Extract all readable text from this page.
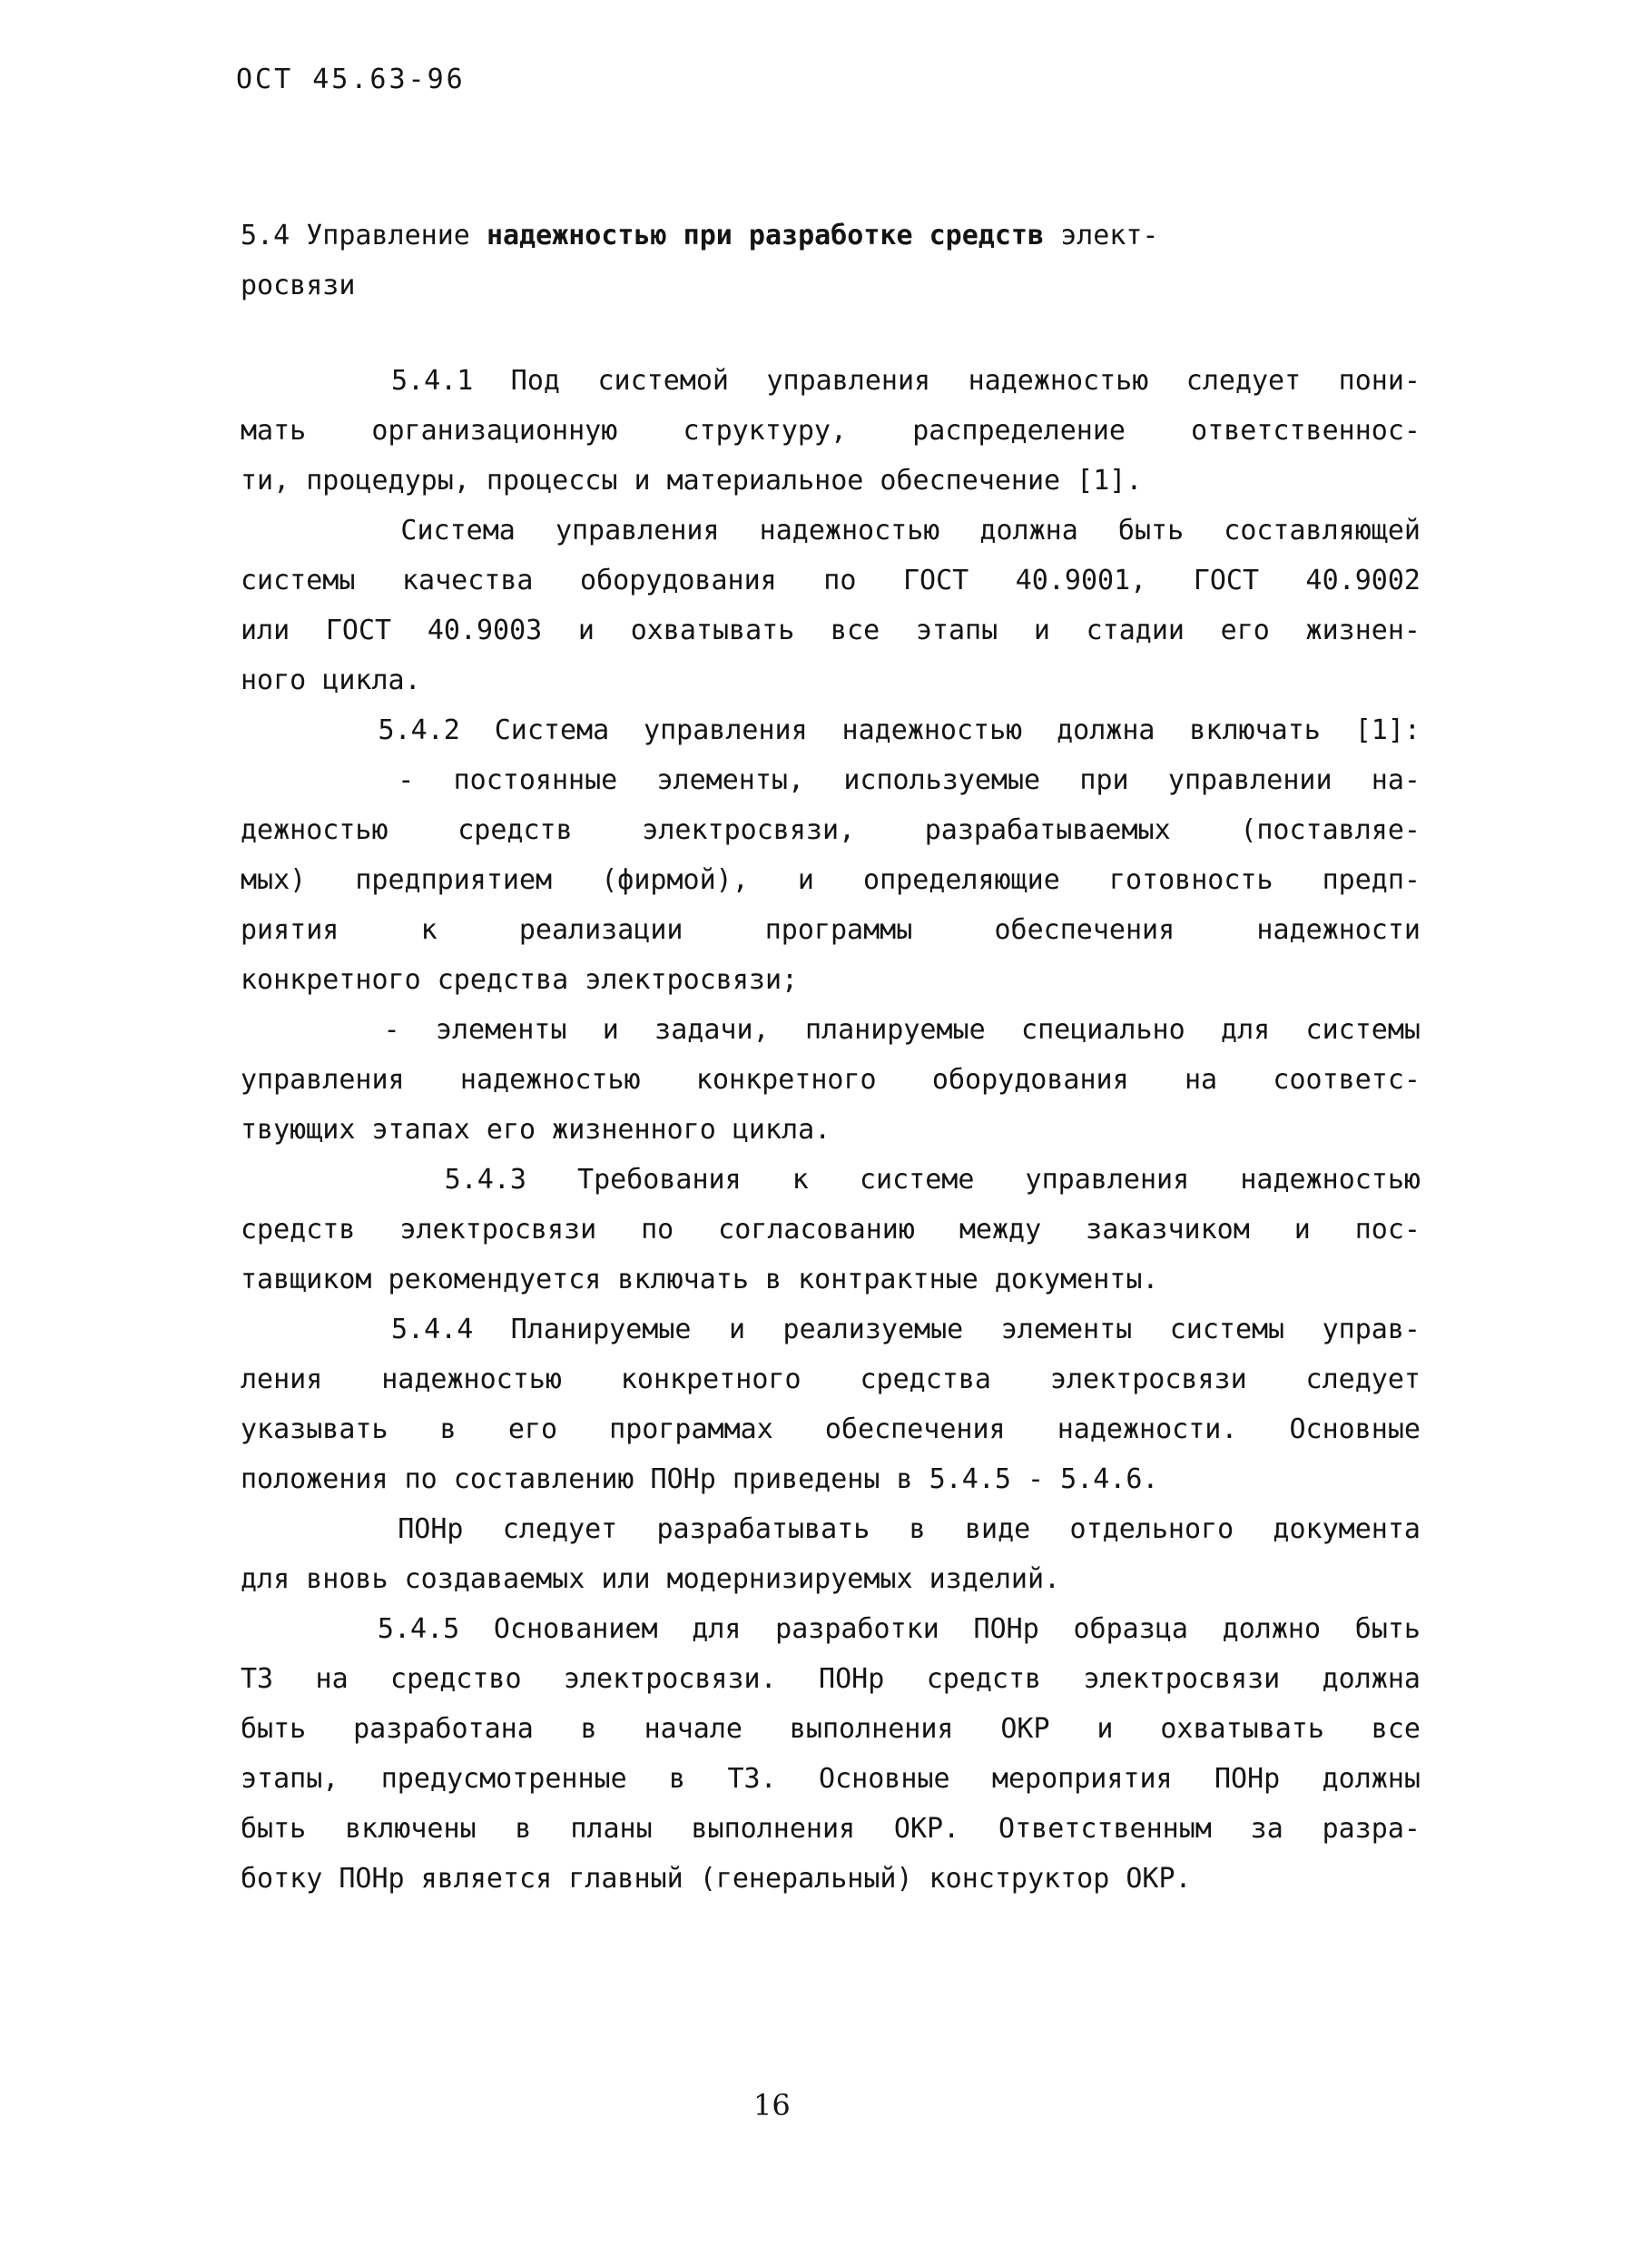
ОСТ 45.63-96
5.4 Управление надежностью при разработке средств элект-
росвязи
5.4.1 Под системой управления надежностью следует пони-
мать организационную структуру, распределение ответственнос-
ти, процедуры, процессы и материальное обеспечение [1].
Система управления надежностью должна быть составляющей
системы качества оборудования по ГОСТ 40.9001, ГОСТ 40.9002
или ГОСТ 40.9003 и охватывать все этапы и стадии его жизнен-
ного цикла.
5.4.2 Система управления надежностью должна включать [1]:
- постоянные элементы, используемые при управлении на-
дежностью средств электросвязи, разрабатываемых (поставляе-
мых) предприятием (фирмой), и определяющие готовность предп-
риятия к реализации программы обеспечения надежности
конкретного средства электросвязи;
- элементы и задачи, планируемые специально для системы
управления надежностью конкретного оборудования на соответс-
твующих этапах его жизненного цикла.
5.4.3 Требования к системе управления надежностью
средств электросвязи по согласованию между заказчиком и пос-
тавщиком рекомендуется включать в контрактные документы.
5.4.4 Планируемые и реализуемые элементы системы управ-
ления надежностью конкретного средства электросвязи следует
указывать в его программах обеспечения надежности. Основные
положения по составлению ПОНр приведены в 5.4.5 - 5.4.6.
ПОНр следует разрабатывать в виде отдельного документа
для вновь создаваемых или модернизируемых изделий.
5.4.5 Основанием для разработки ПОНр образца должно быть
ТЗ на средство электросвязи. ПОНр средств электросвязи должна
быть разработана в начале выполнения ОКР и охватывать все
этапы, предусмотренные в ТЗ. Основные мероприятия ПОНр должны
быть включены в планы выполнения ОКР. Ответственным за разра-
ботку ПОНр является главный (генеральный) конструктор ОКР.
16
